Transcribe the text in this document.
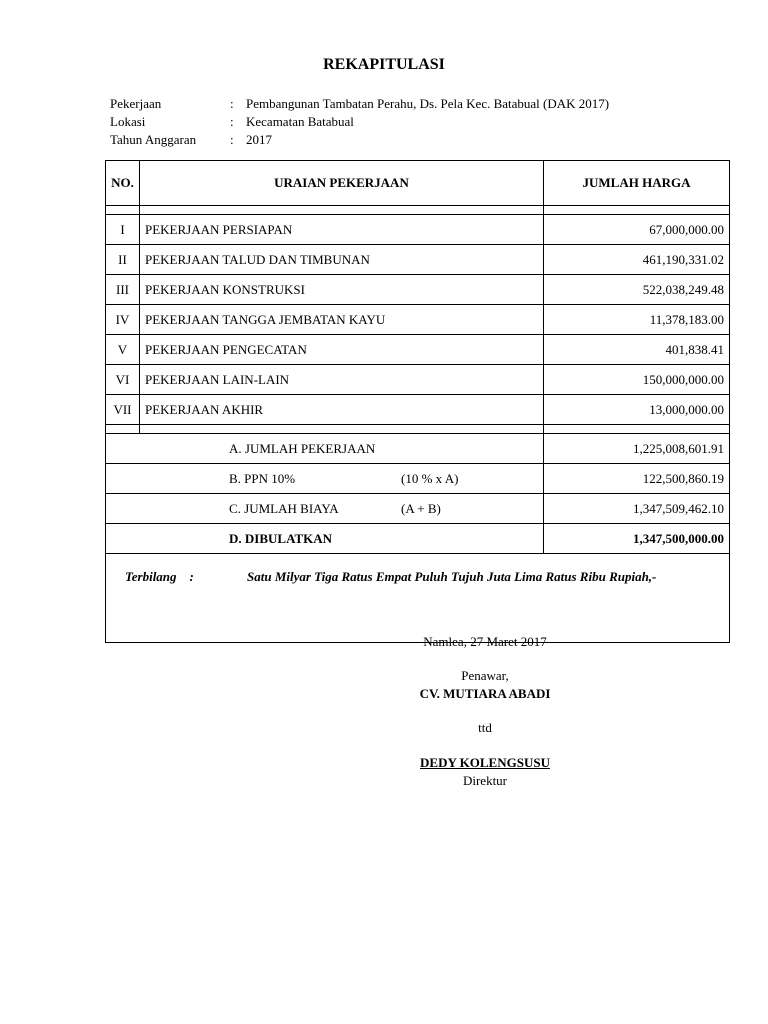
REKAPITULASI
Pekerjaan	: Pembangunan Tambatan Perahu, Ds. Pela Kec. Batabual (DAK 2017)
Lokasi	: Kecamatan Batabual
Tahun Anggaran	: 2017
NO.	URAIAN PEKERJAAN	JUMLAH HARGA

I	PEKERJAAN PERSIAPAN	67,000,000.00
II	PEKERJAAN TALUD DAN TIMBUNAN	461,190,331.02
III	PEKERJAAN KONSTRUKSI	522,038,249.48
IV	PEKERJAAN TANGGA JEMBATAN KAYU	11,378,183.00
V	PEKERJAAN PENGECATAN	401,838.41
VI	PEKERJAAN LAIN-LAIN	150,000,000.00
VII	PEKERJAAN AKHIR	13,000,000.00

A. JUMLAH PEKERJAAN		1,225,008,601.91
B. PPN 10% (10 % x A)		122,500,860.19
C. JUMLAH BIAYA (A + B)		1,347,509,462.10
D. DIBULATKAN		1,347,500,000.00
Terbilang : Satu Milyar Tiga Ratus Empat Puluh Tujuh Juta Lima Ratus Ribu Rupiah,-		
Namlea, 27 Maret 2017
Penawar,
CV. MUTIARA ABADI
ttd
DEDY KOLENGSUSU
Direktur
